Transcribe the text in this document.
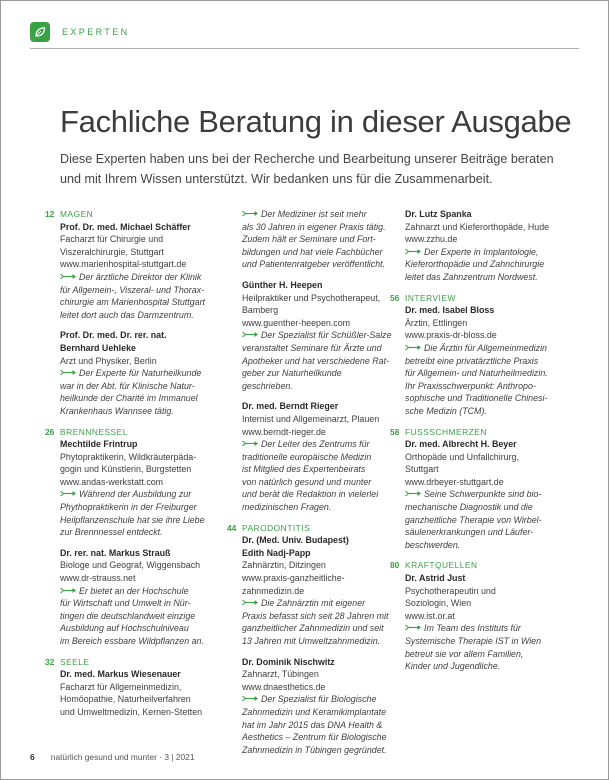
EXPERTEN
Fachliche Beratung in dieser Ausgabe
Diese Experten haben uns bei der Recherche und Bearbeitung unserer Beiträge beraten
und mit Ihrem Wissen unterstützt. Wir bedanken uns für die Zusammenarbeit.
12 MAGEN
Prof. Dr. med. Michael Schäffer
Facharzt für Chirurgie und
Viszeralchirurgie, Stuttgart
www.marienhospital-stuttgart.de
Der ärztliche Direktor der Klinik
für Allgemein-, Viszeral- und Thorax-
chirurgie am Marienhospital Stuttgart
leitet dort auch das Darmzentrum.
Prof. Dr. med. Dr. rer. nat.
Bernhard Uehleke
Arzt und Physiker, Berlin
Der Experte für Naturheilkunde
war in der Abt. für Klinische Natur-
heilkunde der Charité im Immanuel
Krankenhaus Wannsee tätig.
26 BRENNNESSEL
Mechtilde Frintrup
Phytopraktikerin, Wildkräuterpäda-
gogin und Künstlerin, Burgstetten
www.andas-werkstatt.com
Während der Ausbildung zur
Phythopraktikerin in der Freiburger
Heilpflanzenschule hat sie ihre Liebe
zur Brennnessel entdeckt.
Dr. rer. nat. Markus Strauß
Biologe und Geograf, Wiggensbach
www.dr-strauss.net
Er bietet an der Hochschule
für Wirtschaft und Umwelt in Nür-
tingen die deutschlandweit einzige
Ausbildung auf Hochschulniveau
im Bereich essbare Wildpflanzen an.
32 SEELE
Dr. med. Markus Wiesenauer
Facharzt für Allgemeinmedizin,
Homöopathie, Naturheilverfahren
und Umweltmedizin, Kernen-Stetten
Der Mediziner ist seit mehr
als 30 Jahren in eigener Praxis tätig.
Zudem hält er Seminare und Fort-
bildungen und hat viele Fachbücher
und Patientenratgeber veröffentlicht.
Günther H. Heepen
Heilpraktiker und Psychotherapeut,
Bamberg
www.guenther-heepen.com
Der Spezialist für Schüßler-Salze
veranstaltet Seminare für Ärzte und
Apotheker und hat verschiedene Rat-
geber zur Naturheilkunde geschrieben.
Dr. med. Berndt Rieger
Internist und Allgemeinarzt, Plauen
www.berndt-rieger.de
Der Leiter des Zentrums für
traditionelle europäische Medizin
ist Mitglied des Expertenbeirats
von natürlich gesund und munter
und berät die Redaktion in vielerlei
medizinischen Fragen.
44 PARODONTITIS
Dr. (Med. Univ. Budapest)
Edith Nadj-Papp
Zahnärztin, Ditzingen
www.praxis-ganzheitliche-
zahnmedizin.de
Die Zahnärztin mit eigener
Praxis befasst sich seit 28 Jahren mit
ganzheitlicher Zahnmedizin und seit
13 Jahren mit Umweltzahnmedizin.
Dr. Dominik Nischwitz
Zahnarzt, Tübingen
www.dnaesthetics.de
Der Spezialist für Biologische
Zahnmedizin und Keramikimplantate
hat im Jahr 2015 das DNA Health &
Aesthetics – Zentrum für Biologische
Zahnmedizin in Tübingen gegründet.
Dr. Lutz Spanka
Zahnarzt und Kieferorthopäde, Hude
www.zzhu.de
Der Experte in Implantologie,
Kieferorthopädie und Zahnchirurgie
leitet das Zahnzentrum Nordwest.
56 INTERVIEW
Dr. med. Isabel Bloss
Ärztin, Ettlingen
www.praxis-dr-bloss.de
Die Ärztin für Allgemeinmedizin
betreibt eine privatärztliche Praxis
für Allgemein- und Naturheilmedizin.
Ihr Praxisschwerpunkt: Anthropo-
sophische und Traditionelle Chinesi-
sche Medizin (TCM).
58 FUSSSCHMERZEN
Dr. med. Albrecht H. Beyer
Orthopäde und Unfallchirurg,
Stuttgart
www.drbeyer-stuttgart.de
Seine Schwerpunkte sind bio-
mechanische Diagnostik und die
ganzheitliche Therapie von Wirbel-
säulenerkrankungen und Läufer-
beschwerden.
80 KRAFTQUELLEN
Dr. Astrid Just
Psychotherapeutin und
Soziologin, Wien
www.ist.or.at
Im Team des Instituts für
Systemische Therapie IST in Wien
betreut sie vor allem Familien,
Kinder und Jugendliche.
6 natürlich gesund und munter · 3 | 2021
